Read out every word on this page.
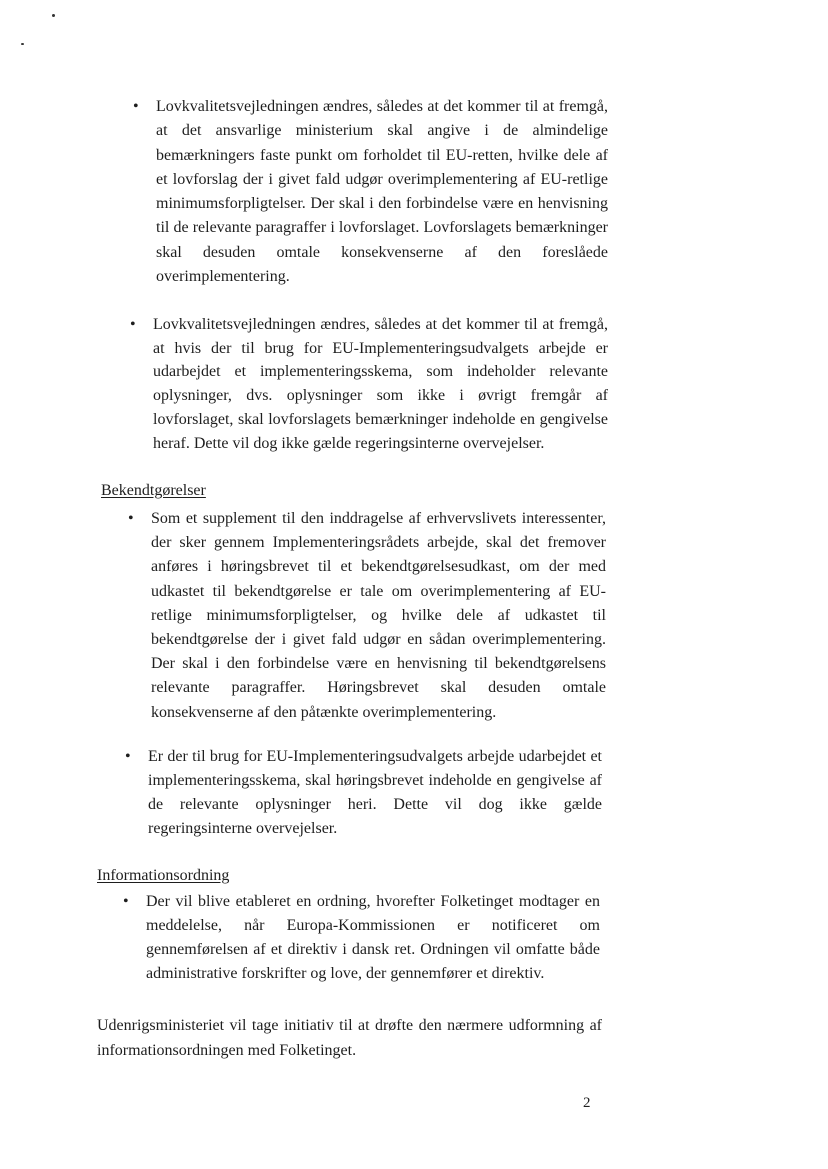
• Lovkvalitetsvejledningen ændres, således at det kommer til at fremgå, at det ansvarlige ministerium skal angive i de almindelige bemærkningers faste punkt om forholdet til EU-retten, hvilke dele af et lovforslag der i givet fald udgør overimplementering af EU-retlige minimumsforpligtelser. Der skal i den forbindelse være en henvisning til de relevante paragraffer i lovforslaget. Lovforslagets bemærkninger skal desuden omtale konsekvenserne af den foreslåede overimplementering.
• Lovkvalitetsvejledningen ændres, således at det kommer til at fremgå, at hvis der til brug for EU-Implementeringsudvalgets arbejde er udarbejdet et implementeringsskema, som indeholder relevante oplysninger, dvs. oplysninger som ikke i øvrigt fremgår af lovforslaget, skal lovforslagets bemærkninger indeholde en gengivelse heraf. Dette vil dog ikke gælde regeringsinterne overvejelser.
Bekendtgørelser
• Som et supplement til den inddragelse af erhvervslivets interessenter, der sker gennem Implementeringsrådets arbejde, skal det fremover anføres i høringsbrevet til et bekendtgørelsesudkast, om der med udkastet til bekendtgørelse er tale om overimplementering af EU-retlige minimumsforpligtelser, og hvilke dele af udkastet til bekendtgørelse der i givet fald udgør en sådan overimplementering. Der skal i den forbindelse være en henvisning til bekendtgørelsens relevante paragraffer. Høringsbrevet skal desuden omtale konsekvenserne af den påtænkte overimplementering.
• Er der til brug for EU-Implementeringsudvalgets arbejde udarbejdet et implementeringsskema, skal høringsbrevet indeholde en gengivelse af de relevante oplysninger heri. Dette vil dog ikke gælde regeringsinterne overvejelser.
Informationsordning
• Der vil blive etableret en ordning, hvorefter Folketinget modtager en meddelelse, når Europa-Kommissionen er notificeret om gennemførelsen af et direktiv i dansk ret. Ordningen vil omfatte både administrative forskrifter og love, der gennemfører et direktiv.
Udenrigsministeriet vil tage initiativ til at drøfte den nærmere udformning af informationsordningen med Folketinget.
2
